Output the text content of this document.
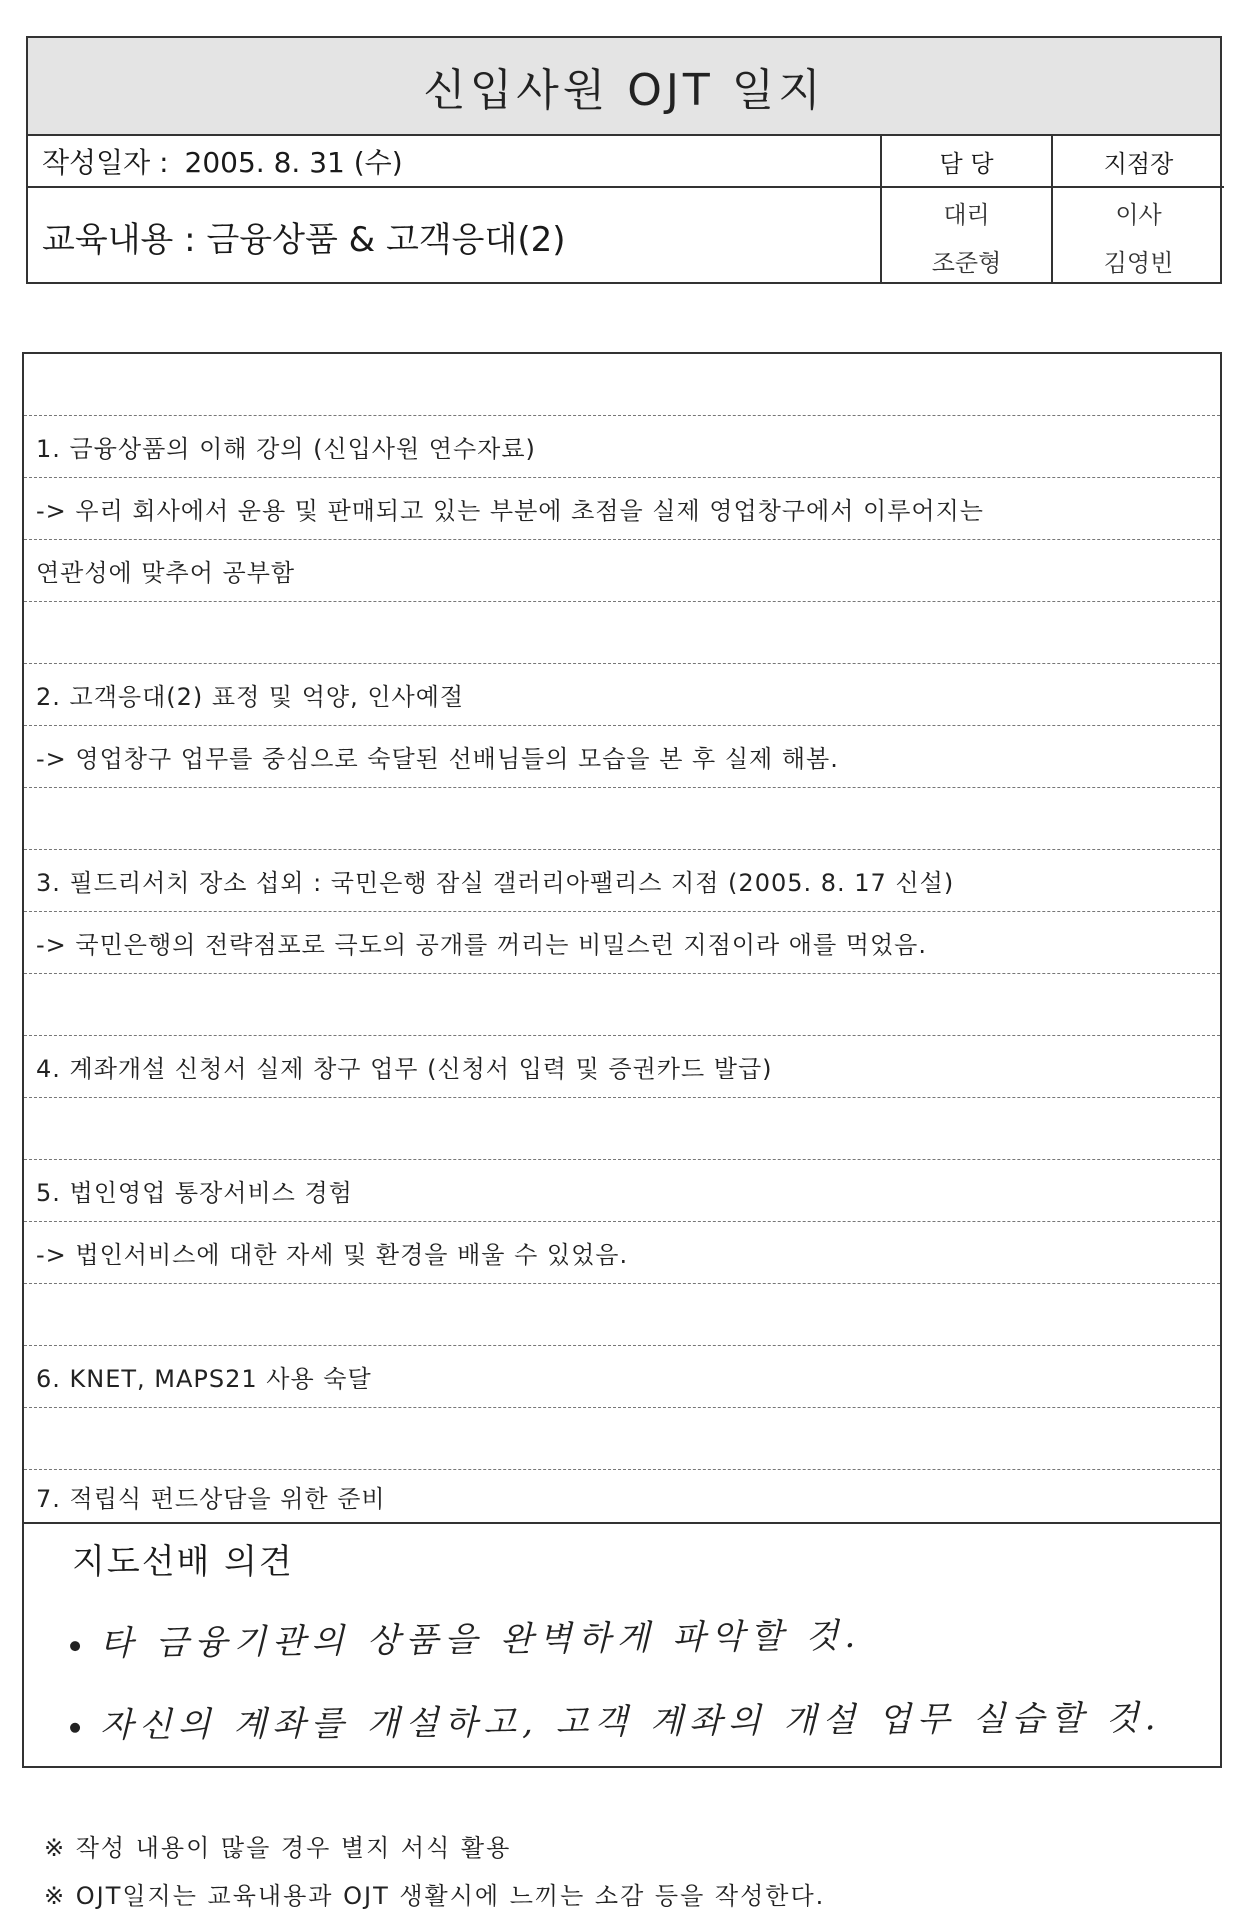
신입사원 OJT 일지
작성일자 : 2005. 8. 31 (수)
교육내용 : 금융상품 & 고객응대(2)
담 당
대리
조준형
지점장
이사
김영빈
1. 금융상품의 이해 강의 (신입사원 연수자료)
-> 우리 회사에서 운용 및 판매되고 있는 부분에 초점을 실제 영업창구에서 이루어지는
연관성에 맞추어 공부함
2. 고객응대(2) 표정 및 억양, 인사예절
-> 영업창구 업무를 중심으로 숙달된 선배님들의 모습을 본 후 실제 해봄.
3. 필드리서치 장소 섭외 : 국민은행 잠실 갤러리아팰리스 지점 (2005. 8. 17 신설)
-> 국민은행의 전략점포로 극도의 공개를 꺼리는 비밀스런 지점이라 애를 먹었음.
4. 계좌개설 신청서 실제 창구 업무 (신청서 입력 및 증권카드 발급)
5. 법인영업 통장서비스 경험
-> 법인서비스에 대한 자세 및 환경을 배울 수 있었음.
6. KNET, MAPS21 사용 숙달
7. 적립식 펀드상담을 위한 준비
지도선배 의견
타 금융기관의 상품을 완벽하게 파악할 것.
자신의 계좌를 개설하고, 고객 계좌의 개설 업무 실습할 것.
※ 작성 내용이 많을 경우 별지 서식 활용
※ OJT일지는 교육내용과 OJT 생활시에 느끼는 소감 등을 작성한다.
